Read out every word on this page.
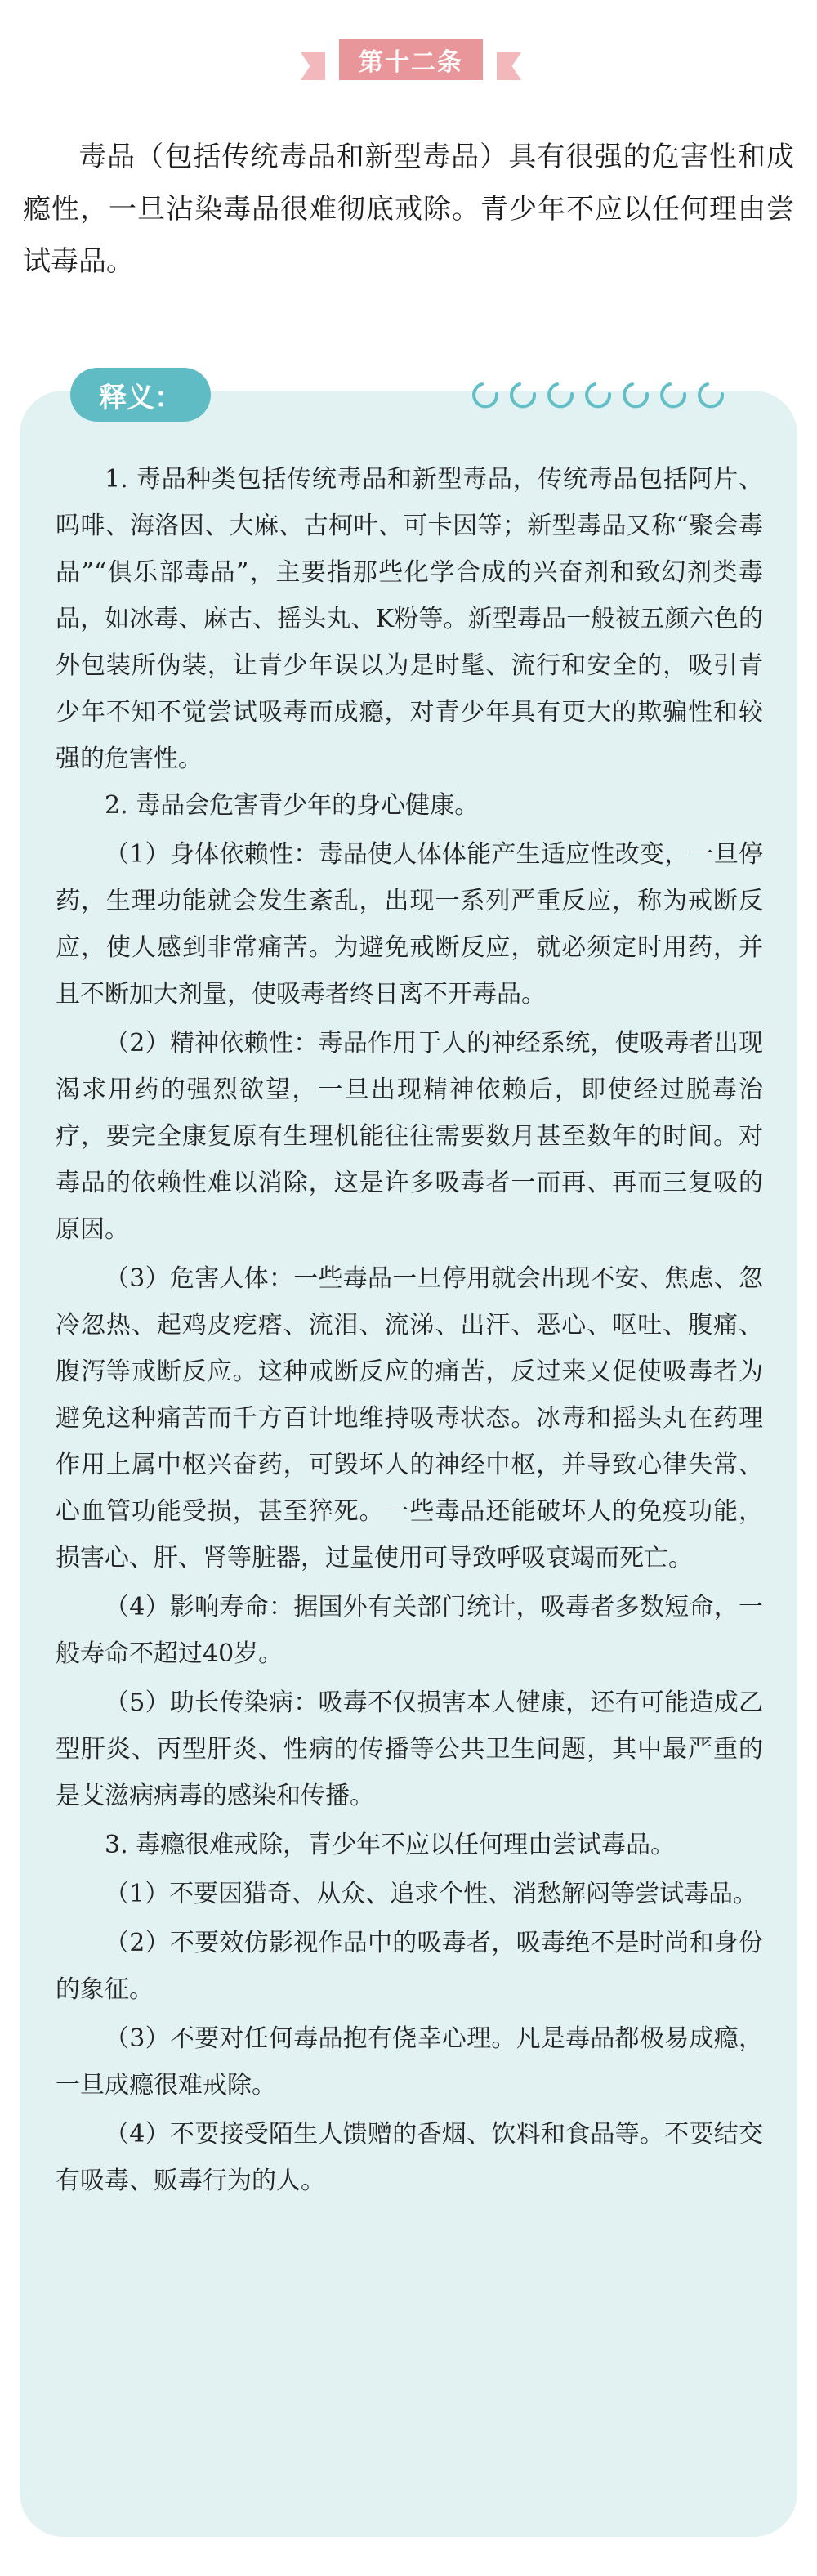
第十二条

毒品（包括传统毒品和新型毒品）具有很强的危害性和成瘾性，一旦沾染毒品很难彻底戒除。青少年不应以任何理由尝试毒品。

释义：

1. 毒品种类包括传统毒品和新型毒品，传统毒品包括阿片、吗啡、海洛因、大麻、古柯叶、可卡因等；新型毒品又称“聚会毒品”“俱乐部毒品”，主要指那些化学合成的兴奋剂和致幻剂类毒品，如冰毒、麻古、摇头丸、K粉等。新型毒品一般被五颜六色的外包装所伪装，让青少年误以为是时髦、流行和安全的，吸引青少年不知不觉尝试吸毒而成瘾，对青少年具有更大的欺骗性和较强的危害性。

2. 毒品会危害青少年的身心健康。

（1）身体依赖性：毒品使人体体能产生适应性改变，一旦停药，生理功能就会发生紊乱，出现一系列严重反应，称为戒断反应，使人感到非常痛苦。为避免戒断反应，就必须定时用药，并且不断加大剂量，使吸毒者终日离不开毒品。

（2）精神依赖性：毒品作用于人的神经系统，使吸毒者出现渴求用药的强烈欲望，一旦出现精神依赖后，即使经过脱毒治疗，要完全康复原有生理机能往往需要数月甚至数年的时间。对毒品的依赖性难以消除，这是许多吸毒者一而再、再而三复吸的原因。

（3）危害人体：一些毒品一旦停用就会出现不安、焦虑、忽冷忽热、起鸡皮疙瘩、流泪、流涕、出汗、恶心、呕吐、腹痛、腹泻等戒断反应。这种戒断反应的痛苦，反过来又促使吸毒者为避免这种痛苦而千方百计地维持吸毒状态。冰毒和摇头丸在药理作用上属中枢兴奋药，可毁坏人的神经中枢，并导致心律失常、心血管功能受损，甚至猝死。一些毒品还能破坏人的免疫功能，损害心、肝、肾等脏器，过量使用可导致呼吸衰竭而死亡。

（4）影响寿命：据国外有关部门统计，吸毒者多数短命，一般寿命不超过40岁。

（5）助长传染病：吸毒不仅损害本人健康，还有可能造成乙型肝炎、丙型肝炎、性病的传播等公共卫生问题，其中最严重的是艾滋病病毒的感染和传播。

3. 毒瘾很难戒除，青少年不应以任何理由尝试毒品。

（1）不要因猎奇、从众、追求个性、消愁解闷等尝试毒品。

（2）不要效仿影视作品中的吸毒者，吸毒绝不是时尚和身份的象征。

（3）不要对任何毒品抱有侥幸心理。凡是毒品都极易成瘾，一旦成瘾很难戒除。

（4）不要接受陌生人馈赠的香烟、饮料和食品等。不要结交有吸毒、贩毒行为的人。
